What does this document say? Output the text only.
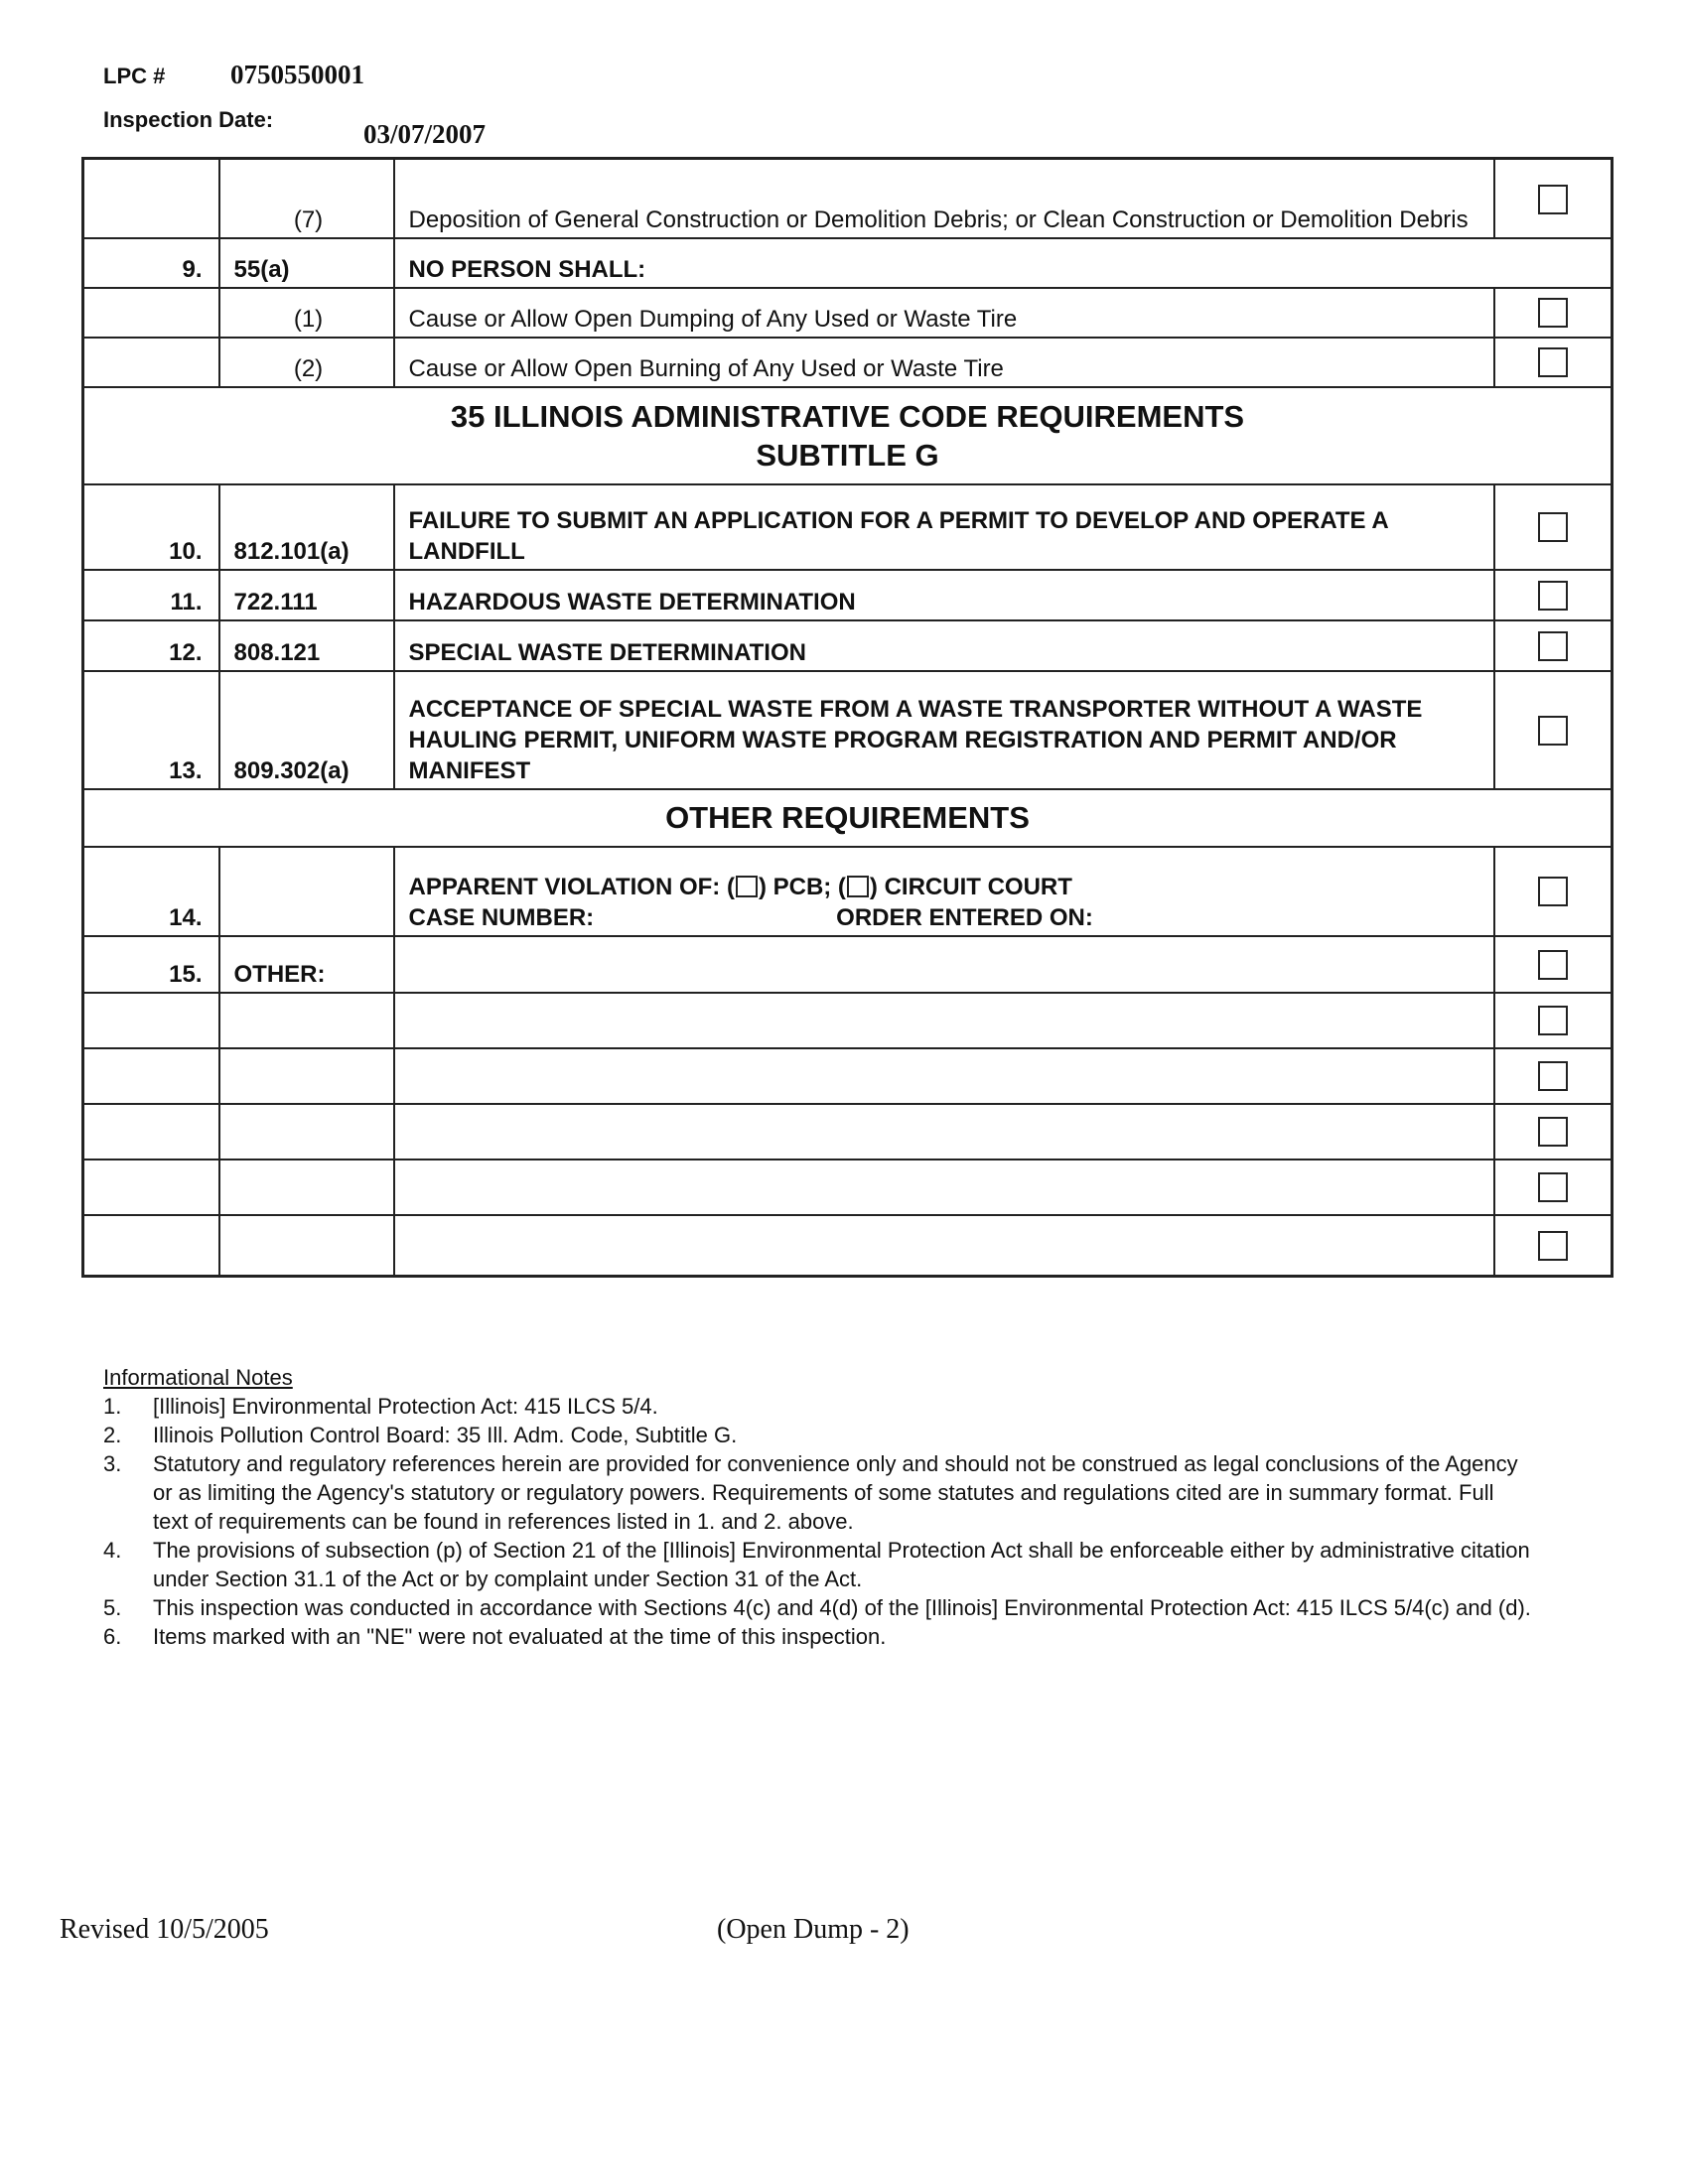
LPC # 0750550001
Inspection Date:	03/07/2007
	(7)	Deposition of General Construction or Demolition Debris; or Clean Construction or Demolition Debris	
9.	55(a)	NO PERSON SHALL:	
	(1)	Cause or Allow Open Dumping of Any Used or Waste Tire	
	(2)	Cause or Allow Open Burning of Any Used or Waste Tire	

35 ILLINOIS ADMINISTRATIVE CODE REQUIREMENTS
SUBTITLE G			

10.	812.101(a)	FAILURE TO SUBMIT AN APPLICATION FOR A PERMIT TO DEVELOP AND OPERATE A LANDFILL	
11.	722.111	HAZARDOUS WASTE DETERMINATION	
12.	808.121	SPECIAL WASTE DETERMINATION	
13.	809.302(a)	ACCEPTANCE OF SPECIAL WASTE FROM A WASTE TRANSPORTER WITHOUT A WASTE HAULING PERMIT, UNIFORM WASTE PROGRAM REGISTRATION AND PERMIT AND/OR MANIFEST	
OTHER REQUIREMENTS			
14.		APPARENT VIOLATION OF: ( ) PCB; ( ) CIRCUIT COURT
CASE NUMBER: ORDER ENTERED ON:	

15.	OTHER:		

Informational Notes
1.	[Illinois] Environmental Protection Act: 415 ILCS 5/4.
2.	Illinois Pollution Control Board: 35 Ill. Adm. Code, Subtitle G.
3.	Statutory and regulatory references herein are provided for convenience only and should not be construed as legal conclusions of the Agency or as limiting the Agency's statutory or regulatory powers. Requirements of some statutes and regulations cited are in summary format. Full text of requirements can be found in references listed in 1. and 2. above.
4.	The provisions of subsection (p) of Section 21 of the [Illinois] Environmental Protection Act shall be enforceable either by administrative citation under Section 31.1 of the Act or by complaint under Section 31 of the Act.
5.	This inspection was conducted in accordance with Sections 4(c) and 4(d) of the [Illinois] Environmental Protection Act: 415 ILCS 5/4(c) and (d).
6.	Items marked with an "NE" were not evaluated at the time of this inspection.
Revised 10/5/2005	(Open Dump - 2)
